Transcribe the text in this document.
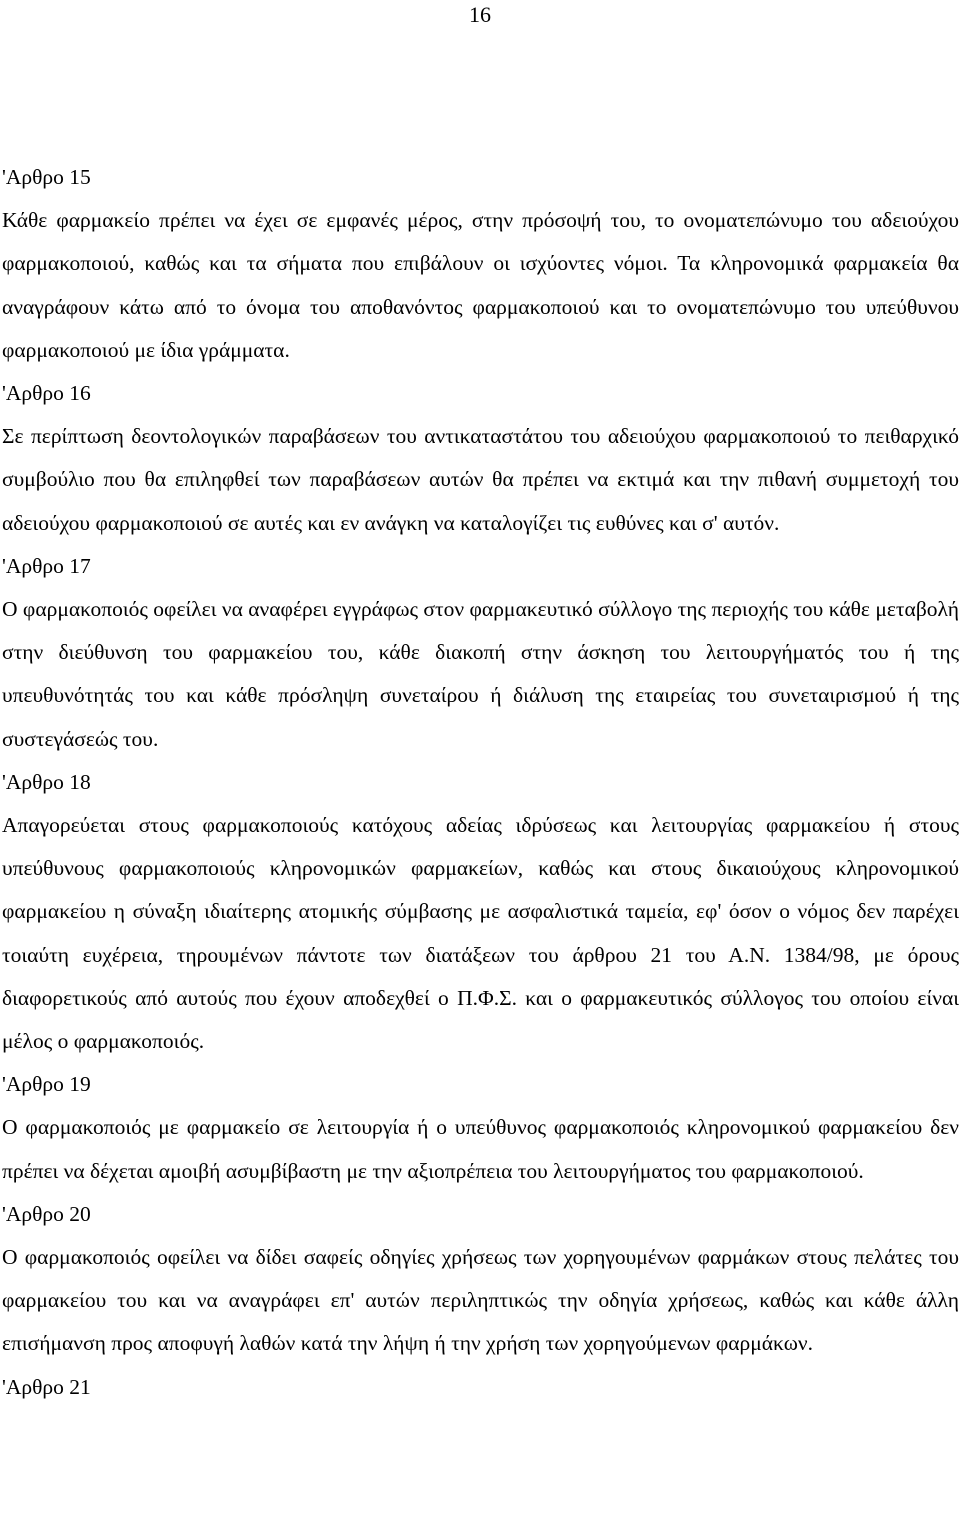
16
'Αρθρο 15

Κάθε φαρμακείο πρέπει να έχει σε εμφανές μέρος, στην πρόσοψή του, το ονοματεπώνυμο του αδειούχου φαρμακοποιού, καθώς και τα σήματα που επιβάλουν οι ισχύοντες νόμοι. Τα κληρονομικά φαρμακεία θα αναγράφουν κάτω από το όνομα του αποθανόντος φαρμακοποιού και το ονοματεπώνυμο του υπεύθυνου φαρμακοποιού με ίδια γράμματα.

'Αρθρο 16

Σε περίπτωση δεοντολογικών παραβάσεων του αντικαταστάτου του αδειούχου φαρμακοποιού το πειθαρχικό συμβούλιο που θα επιληφθεί των παραβάσεων αυτών θα πρέπει να εκτιμά και την πιθανή συμμετοχή του αδειούχου φαρμακοποιού σε αυτές και εν ανάγκη να καταλογίζει τις ευθύνες και σ' αυτόν.

'Αρθρο 17

Ο φαρμακοποιός οφείλει να αναφέρει εγγράφως στον φαρμακευτικό σύλλογο της περιοχής του κάθε μεταβολή στην διεύθυνση του φαρμακείου του, κάθε διακοπή στην άσκηση του λειτουργήματός του ή της υπευθυνότητάς του και κάθε πρόσληψη συνεταίρου ή διάλυση της εταιρείας του συνεταιρισμού ή της συστεγάσεώς του.

'Αρθρο 18

Απαγορεύεται στους φαρμακοποιούς κατόχους αδείας ιδρύσεως και λειτουργίας φαρμακείου ή στους υπεύθυνους φαρμακοποιούς κληρονομικών φαρμακείων, καθώς και στους δικαιούχους κληρονομικού φαρμακείου η σύναξη ιδιαίτερης ατομικής σύμβασης με ασφαλιστικά ταμεία, εφ' όσον ο νόμος δεν παρέχει τοιαύτη ευχέρεια, τηρουμένων πάντοτε των διατάξεων του άρθρου 21 του Α.Ν. 1384/98, με όρους διαφορετικούς από αυτούς που έχουν αποδεχθεί ο Π.Φ.Σ. και ο φαρμακευτικός σύλλογος του οποίου είναι μέλος ο φαρμακοποιός.

'Αρθρο 19

Ο φαρμακοποιός με φαρμακείο σε λειτουργία ή ο υπεύθυνος φαρμακοποιός κληρονομικού φαρμακείου δεν πρέπει να δέχεται αμοιβή ασυμβίβαστη με την αξιοπρέπεια του λειτουργήματος του φαρμακοποιού.

'Αρθρο 20

Ο φαρμακοποιός οφείλει να δίδει σαφείς οδηγίες χρήσεως των χορηγουμένων φαρμάκων στους πελάτες του φαρμακείου του και να αναγράφει επ' αυτών περιληπτικώς την οδηγία χρήσεως, καθώς και κάθε άλλη επισήμανση προς αποφυγή λαθών κατά την λήψη ή την χρήση των χορηγούμενων φαρμάκων.

'Αρθρο 21
